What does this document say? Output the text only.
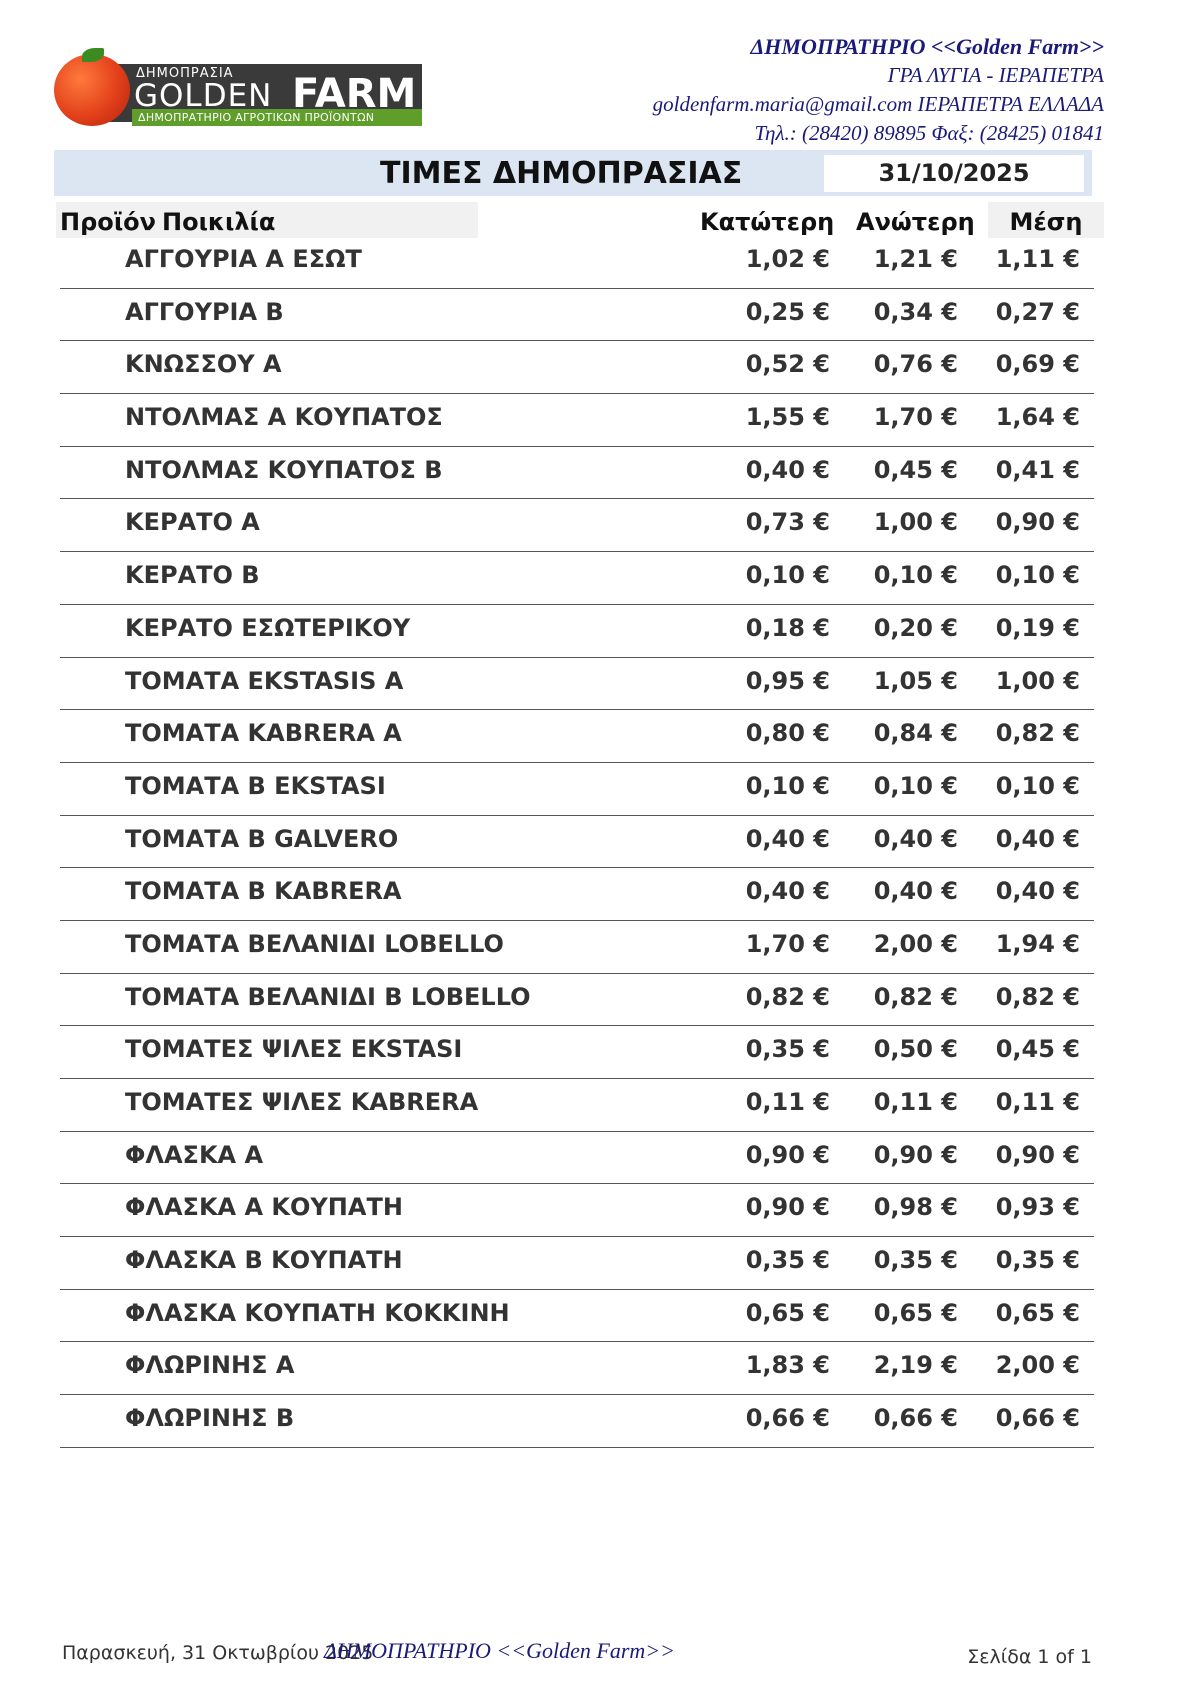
ΔΗΜΟΠΡΑΣΙΑ
GOLDEN FARM
ΔΗΜΟΠΡΑΤΗΡΙΟ ΑΓΡΟΤΙΚΩΝ ΠΡΟΪΟΝΤΩΝ
ΔΗΜΟΠΡΑΤΗΡΙΟ <<Golden Farm>>
ΓΡΑ ΛΥΓΙΑ - ΙΕΡΑΠΕΤΡΑ
goldenfarm.maria@gmail.com ΙΕΡΑΠΕΤΡΑ ΕΛΛΑΔΑ
Τηλ.: (28420) 89895 Φαξ: (28425) 01841
ΤΙΜΕΣ ΔΗΜΟΠΡΑΣΙΑΣ	31/10/2025
Προϊόν Ποικιλία	Κατώτερη Ανώτερη	Μέση
ΑΓΓΟΥΡΙΑ Α ΕΣΩΤ	1,02 € 1,21 € 1,11 €
ΑΓΓΟΥΡΙΑ Β	0,25 € 0,34 € 0,27 €
ΚΝΩΣΣΟΥ Α	0,52 € 0,76 € 0,69 €
ΝΤΟΛΜΑΣ Α ΚΟΥΠΑΤΟΣ	1,55 € 1,70 € 1,64 €
ΝΤΟΛΜΑΣ ΚΟΥΠΑΤΟΣ Β	0,40 € 0,45 € 0,41 €
ΚΕΡΑΤΟ Α	0,73 € 1,00 € 0,90 €
ΚΕΡΑΤΟ Β	0,10 € 0,10 € 0,10 €
ΚΕΡΑΤΟ ΕΣΩΤΕΡΙΚΟΥ	0,18 € 0,20 € 0,19 €
ΤΟΜΑΤΑ EKSTASIS Α	0,95 € 1,05 € 1,00 €
ΤΟΜΑΤΑ KABRERA Α	0,80 € 0,84 € 0,82 €
ΤΟΜΑΤΑ Β EKSTASI	0,10 € 0,10 € 0,10 €
ΤΟΜΑΤΑ Β GALVERO	0,40 € 0,40 € 0,40 €
ΤΟΜΑΤΑ Β KABRERA	0,40 € 0,40 € 0,40 €
ΤΟΜΑΤΑ ΒΕΛΑΝΙΔΙ LOBELLO	1,70 € 2,00 € 1,94 €
ΤΟΜΑΤΑ ΒΕΛΑΝΙΔΙ Β LOBELLO	0,82 € 0,82 € 0,82 €
ΤΟΜΑΤΕΣ ΨΙΛΕΣ EKSTASI	0,35 € 0,50 € 0,45 €
ΤΟΜΑΤΕΣ ΨΙΛΕΣ KABRERA	0,11 € 0,11 € 0,11 €
ΦΛΑΣΚΑ Α	0,90 € 0,90 € 0,90 €
ΦΛΑΣΚΑ Α ΚΟΥΠΑΤΗ	0,90 € 0,98 € 0,93 €
ΦΛΑΣΚΑ Β ΚΟΥΠΑΤΗ	0,35 € 0,35 € 0,35 €
ΦΛΑΣΚΑ ΚΟΥΠΑΤΗ ΚΟΚΚΙΝΗ	0,65 € 0,65 € 0,65 €
ΦΛΩΡΙΝΗΣ Α	1,83 € 2,19 € 2,00 €
ΦΛΩΡΙΝΗΣ Β	0,66 € 0,66 € 0,66 €
Παρασκευή, 31 Οκτωβρίου 2025
ΔΗΜΟΠΡΑΤΗΡΙΟ <<Golden Farm>>	Σελίδα 1 of 1
